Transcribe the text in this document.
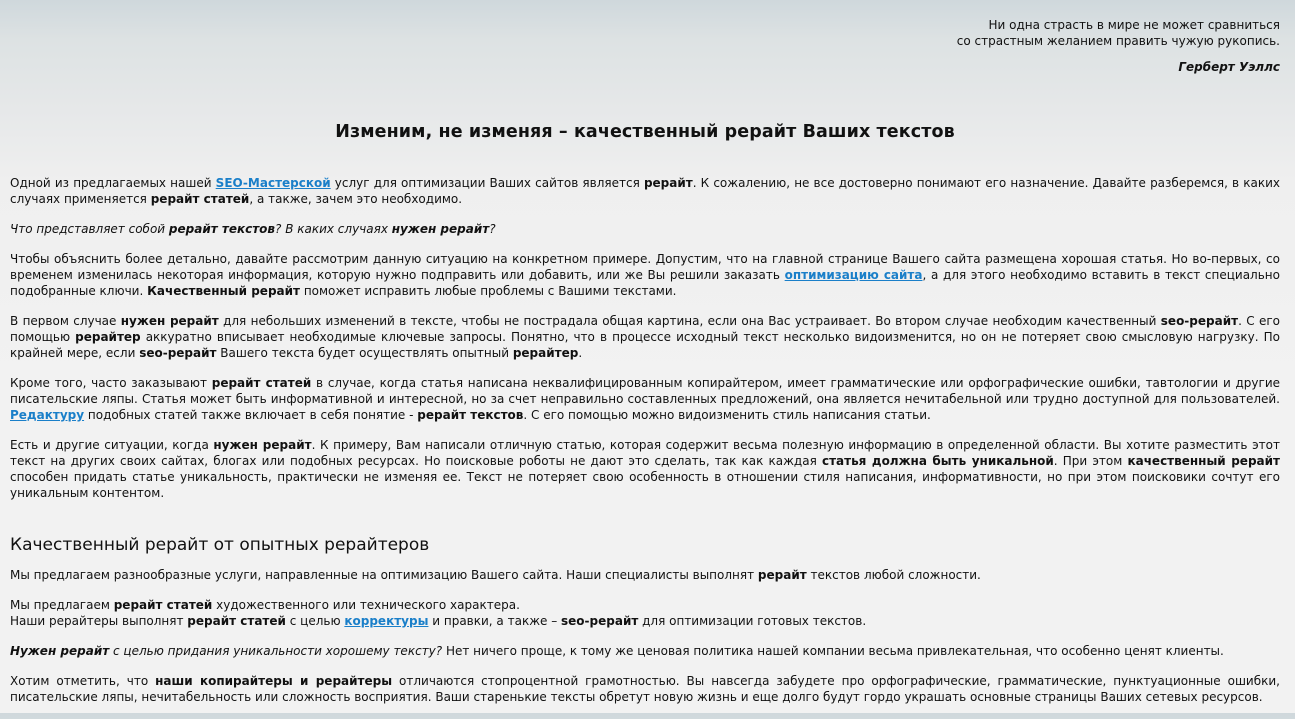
Ни одна страсть в мире не может сравниться
со страстным желанием править чужую рукопись.
Герберт Уэллс
Изменим, не изменяя – качественный рерайт Ваших текстов

Одной из предлагаемых нашей SEO-Мастерской услуг для оптимизации Ваших сайтов является рерайт. К сожалению, не все достоверно понимают его назначение. Давайте разберемся, в каких случаях применяется рерайт статей, а также, зачем это необходимо.

Что представляет собой рерайт текстов? В каких случаях нужен рерайт?

Чтобы объяснить более детально, давайте рассмотрим данную ситуацию на конкретном примере. Допустим, что на главной странице Вашего сайта размещена хорошая статья. Но во-первых, со временем изменилась некоторая информация, которую нужно подправить или добавить, или же Вы решили заказать оптимизацию сайта, а для этого необходимо вставить в текст специально подобранные ключи. Качественный рерайт поможет исправить любые проблемы с Вашими текстами.

В первом случае нужен рерайт для небольших изменений в тексте, чтобы не пострадала общая картина, если она Вас устраивает. Во втором случае необходим качественный seo-рерайт. С его помощью рерайтер аккуратно вписывает необходимые ключевые запросы. Понятно, что в процессе исходный текст несколько видоизменится, но он не потеряет свою смысловую нагрузку. По крайней мере, если seo-рерайт Вашего текста будет осуществлять опытный рерайтер.

Кроме того, часто заказывают рерайт статей в случае, когда статья написана неквалифицированным копирайтером, имеет грамматические или орфографические ошибки, тавтологии и другие писательские ляпы. Статья может быть информативной и интересной, но за счет неправильно составленных предложений, она является нечитабельной или трудно доступной для пользователей. Редактуру подобных статей также включает в себя понятие - рерайт текстов. С его помощью можно видоизменить стиль написания статьи.

Есть и другие ситуации, когда нужен рерайт. К примеру, Вам написали отличную статью, которая содержит весьма полезную информацию в определенной области. Вы хотите разместить этот текст на других своих сайтах, блогах или подобных ресурсах. Но поисковые роботы не дают это сделать, так как каждая статья должна быть уникальной. При этом качественный рерайт способен придать статье уникальность, практически не изменяя ее. Текст не потеряет свою особенность в отношении стиля написания, информативности, но при этом поисковики сочтут его уникальным контентом.

Качественный рерайт от опытных рерайтеров

Мы предлагаем разнообразные услуги, направленные на оптимизацию Вашего сайта. Наши специалисты выполнят рерайт текстов любой сложности.

Мы предлагаем рерайт статей художественного или технического характера.

Наши рерайтеры выполнят рерайт статей с целью корректуры и правки, а также – seo-рерайт для оптимизации готовых текстов.

Нужен рерайт с целью придания уникальности хорошему тексту? Нет ничего проще, к тому же ценовая политика нашей компании весьма привлекательная, что особенно ценят клиенты.

Хотим отметить, что наши копирайтеры и рерайтеры отличаются стопроцентной грамотностью. Вы навсегда забудете про орфографические, грамматические, пунктуационные ошибки, писательские ляпы, нечитабельность или сложность восприятия. Ваши старенькие тексты обретут новую жизнь и еще долго будут гордо украшать основные страницы Ваших сетевых ресурсов.
